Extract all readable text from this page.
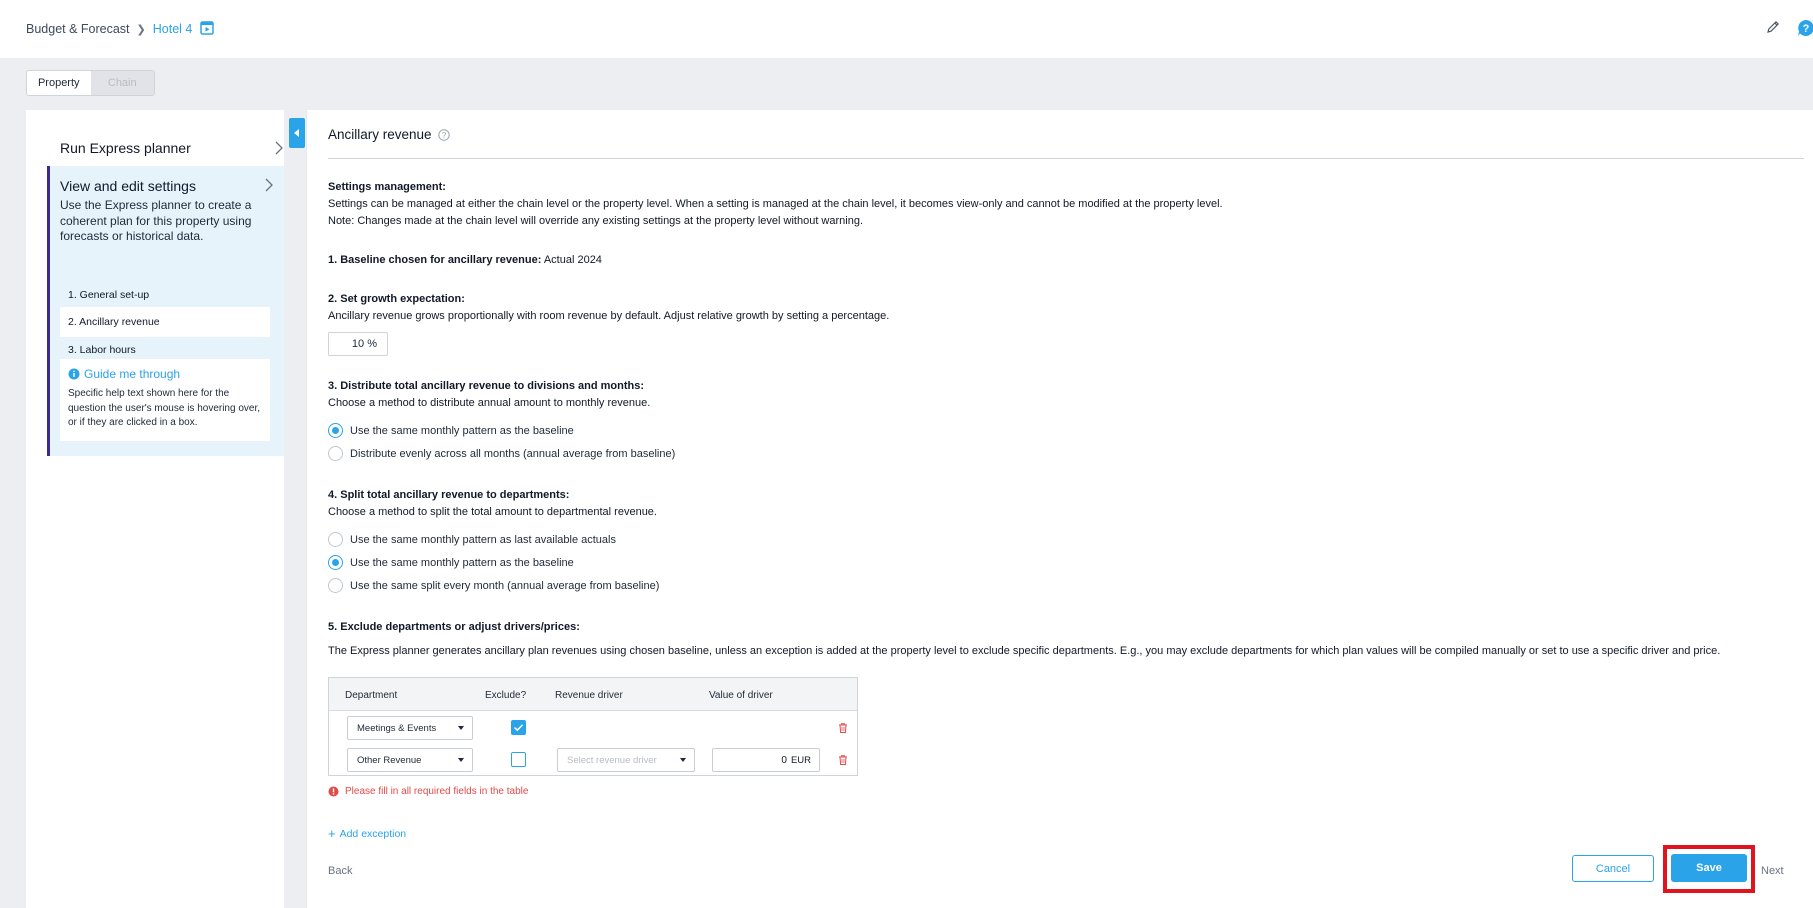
Budget & Forecast ❯ Hotel 4	?
Property	Chain
Run Express planner
View and edit settings
Use the Express planner to create a coherent plan for this property using forecasts or historical data.
1. General set-up
2. Ancillary revenue
3. Labor hours
Guide me through
Specific help text shown here for the question the user's mouse is hovering over, or if they are clicked in a box.
Ancillary revenue ?
Settings management:
Settings can be managed at either the chain level or the property level. When a setting is managed at the chain level, it becomes view-only and cannot be modified at the property level.
Note: Changes made at the chain level will override any existing settings at the property level without warning.
1. Baseline chosen for ancillary revenue: Actual 2024
2. Set growth expectation:
Ancillary revenue grows proportionally with room revenue by default. Adjust relative growth by setting a percentage.
10 %
3. Distribute total ancillary revenue to divisions and months:
Choose a method to distribute annual amount to monthly revenue.
Use the same monthly pattern as the baseline
Distribute evenly across all months (annual average from baseline)
4. Split total ancillary revenue to departments:
Choose a method to split the total amount to departmental revenue.
Use the same monthly pattern as last available actuals
Use the same monthly pattern as the baseline
Use the same split every month (annual average from baseline)
5. Exclude departments or adjust drivers/prices:
The Express planner generates ancillary plan revenues using chosen baseline, unless an exception is added at the property level to exclude specific departments. E.g., you may exclude departments for which plan values will be compiled manually or set to use a specific driver and price.
Department	Exclude?	Revenue driver	Value of driver
Meetings & Events
Other Revenue	Select revenue driver	0 EUR
Please fill in all required fields in the table
+ Add exception
Back	Cancel	Save	Next
